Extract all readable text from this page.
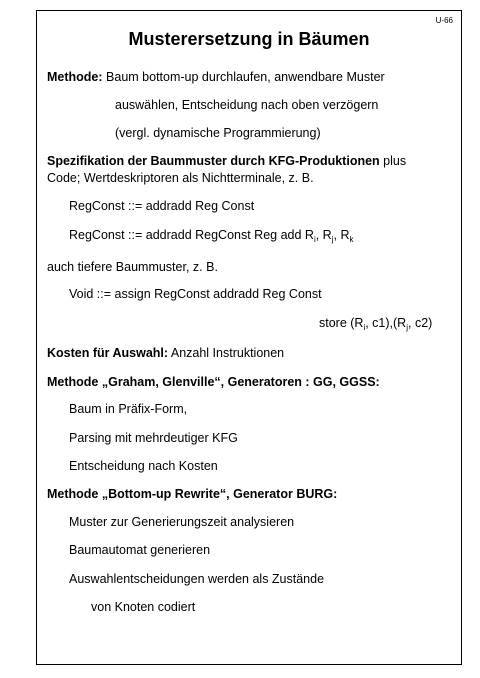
U-66
Musterersetzung in Bäumen
Methode: Baum bottom-up durchlaufen, anwendbare Muster
auswählen, Entscheidung nach oben verzögern
(vergl. dynamische Programmierung)
Spezifikation der Baummuster durch KFG-Produktionen plus
Code; Wertdeskriptoren als Nichtterminale, z. B.
RegConst ::= addradd Reg Const
RegConst ::= addradd RegConst Reg add $R_i$, $R_j$, $R_k$
auch tiefere Baummuster, z. B.
Void ::= assign RegConst addradd Reg Const
store ($R_i$, $c1),(R_j$, c2)
Kosten für Auswahl: Anzahl Instruktionen
Methode „Graham, Glenville“, Generatoren : GG, GGSS:
Baum in Präfix-Form,
Parsing mit mehrdeutiger KFG
Entscheidung nach Kosten
Methode „Bottom-up Rewrite“, Generator BURG:
Muster zur Generierungszeit analysieren
Baumautomat generieren
Auswahlentscheidungen werden als Zustände
von Knoten codiert
